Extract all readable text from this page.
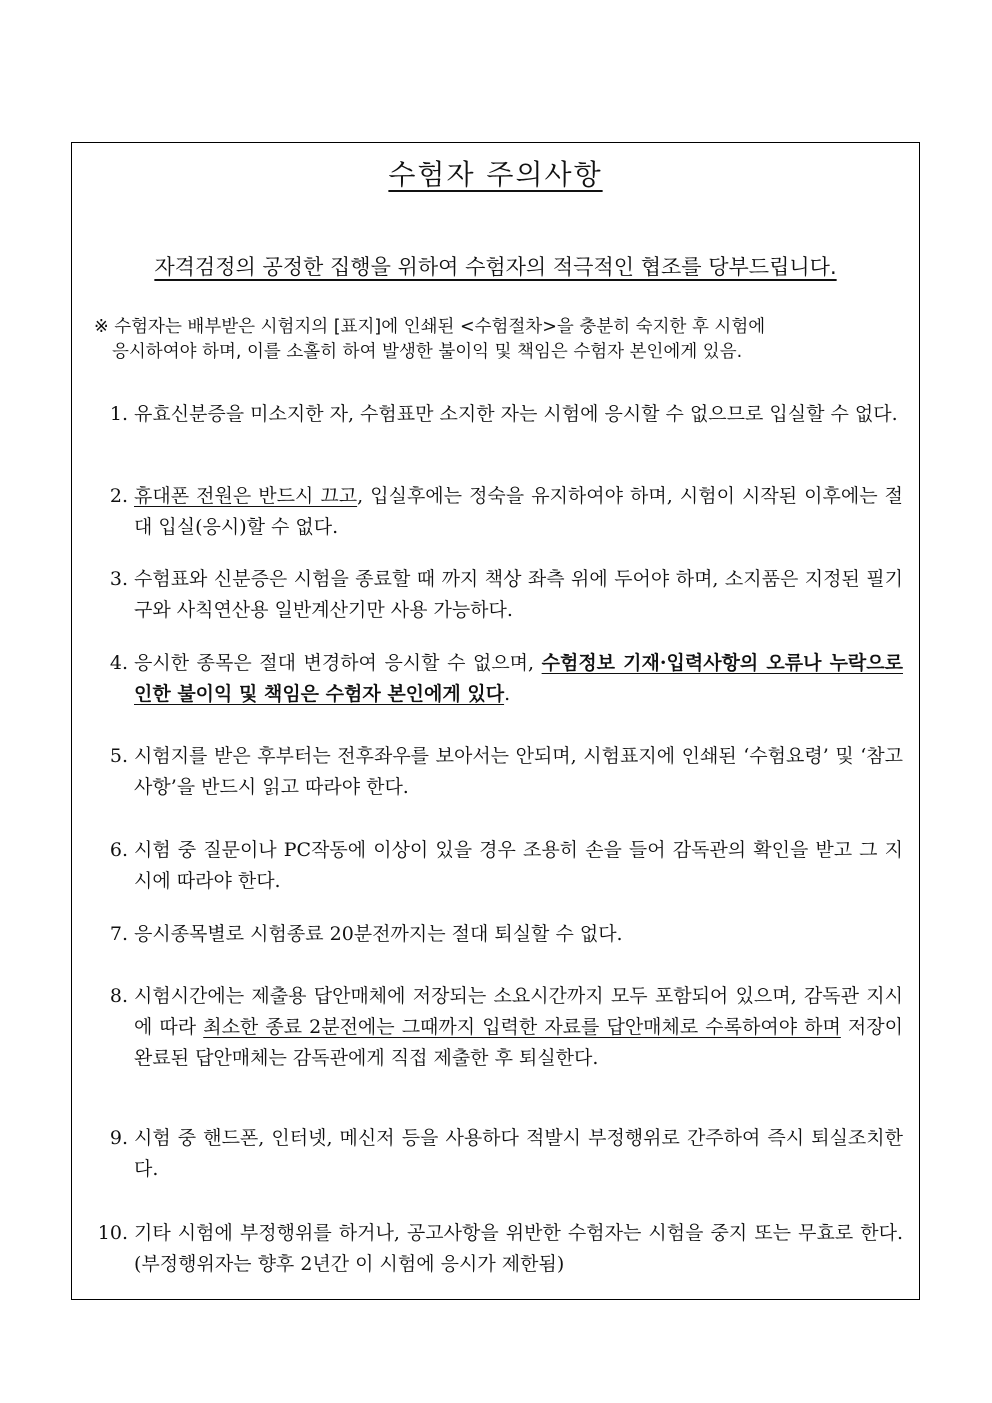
수험자 주의사항
자격검정의 공정한 집행을 위하여 수험자의 적극적인 협조를 당부드립니다.
※ 수험자는 배부받은 시험지의 [표지]에 인쇄된 <수험절차>을 충분히 숙지한 후 시험에
응시하여야 하며, 이를 소홀히 하여 발생한 불이익 및 책임은 수험자 본인에게 있음.
1. 유효신분증을 미소지한 자, 수험표만 소지한 자는 시험에 응시할 수 없으므로 입실할 수 없다.
2. 휴대폰 전원은 반드시 끄고, 입실후에는 정숙을 유지하여야 하며, 시험이 시작된 이후에는 절대 입실(응시)할 수 없다.
3. 수험표와 신분증은 시험을 종료할 때 까지 책상 좌측 위에 두어야 하며, 소지품은 지정된 필기구와 사칙연산용 일반계산기만 사용 가능하다.
4. 응시한 종목은 절대 변경하여 응시할 수 없으며, 수험정보 기재·입력사항의 오류나 누락으로 인한 불이익 및 책임은 수험자 본인에게 있다.
5. 시험지를 받은 후부터는 전후좌우를 보아서는 안되며, 시험표지에 인쇄된 ‘수험요령’ 및 ‘참고사항’을 반드시 읽고 따라야 한다.
6. 시험 중 질문이나 PC작동에 이상이 있을 경우 조용히 손을 들어 감독관의 확인을 받고 그 지시에 따라야 한다.
7. 응시종목별로 시험종료 20분전까지는 절대 퇴실할 수 없다.
8. 시험시간에는 제출용 답안매체에 저장되는 소요시간까지 모두 포함되어 있으며, 감독관 지시에 따라 최소한 종료 2분전에는 그때까지 입력한 자료를 답안매체로 수록하여야 하며 저장이 완료된 답안매체는 감독관에게 직접 제출한 후 퇴실한다.
9. 시험 중 핸드폰, 인터넷, 메신저 등을 사용하다 적발시 부정행위로 간주하여 즉시 퇴실조치한다.
10. 기타 시험에 부정행위를 하거나, 공고사항을 위반한 수험자는 시험을 중지 또는 무효로 한다. (부정행위자는 향후 2년간 이 시험에 응시가 제한됨)
